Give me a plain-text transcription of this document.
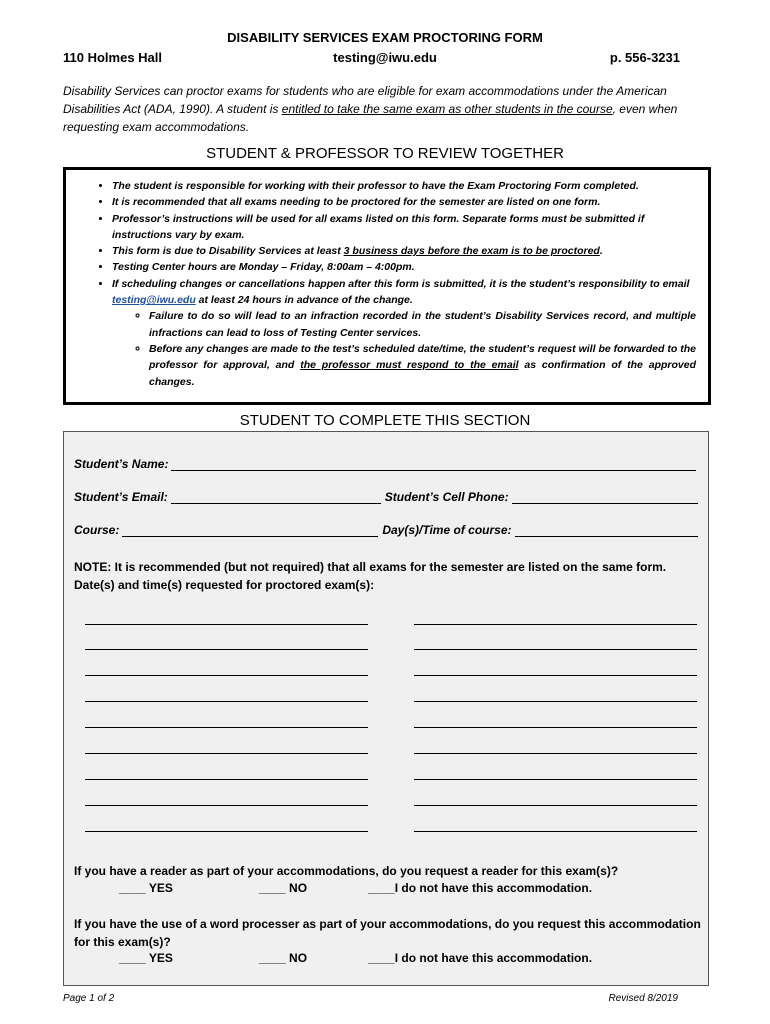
DISABILITY SERVICES EXAM PROCTORING FORM
110 Holmes Hall	testing@iwu.edu	p. 556-3231
Disability Services can proctor exams for students who are eligible for exam accommodations under the American Disabilities Act (ADA, 1990). A student is entitled to take the same exam as other students in the course, even when requesting exam accommodations.
STUDENT & PROFESSOR TO REVIEW TOGETHER
• The student is responsible for working with their professor to have the Exam Proctoring Form completed.
• It is recommended that all exams needing to be proctored for the semester are listed on one form.
• Professor’s instructions will be used for all exams listed on this form. Separate forms must be submitted if instructions vary by exam.
• This form is due to Disability Services at least 3 business days before the exam is to be proctored.
• Testing Center hours are Monday – Friday, 8:00am – 4:00pm.
• If scheduling changes or cancellations happen after this form is submitted, it is the student’s responsibility to email testing@iwu.edu at least 24 hours in advance of the change.
◦ Failure to do so will lead to an infraction recorded in the student’s Disability Services record, and multiple infractions can lead to loss of Testing Center services.
◦ Before any changes are made to the test’s scheduled date/time, the student’s request will be forwarded to the professor for approval, and the professor must respond to the email as confirmation of the approved changes.
STUDENT TO COMPLETE THIS SECTION
Student’s Name:
Student’s Email:	Student’s Cell Phone:
Course:	Day(s)/Time of course:
NOTE: It is recommended (but not required) that all exams for the semester are listed on the same form.
Date(s) and time(s) requested for proctored exam(s):
If you have a reader as part of your accommodations, do you request a reader for this exam(s)?
____ YES	____ NO	____I do not have this accommodation.
If you have the use of a word processer as part of your accommodations, do you request this accommodation for this exam(s)?
____ YES	____ NO	____I do not have this accommodation.
Page 1 of 2	Revised 8/2019
